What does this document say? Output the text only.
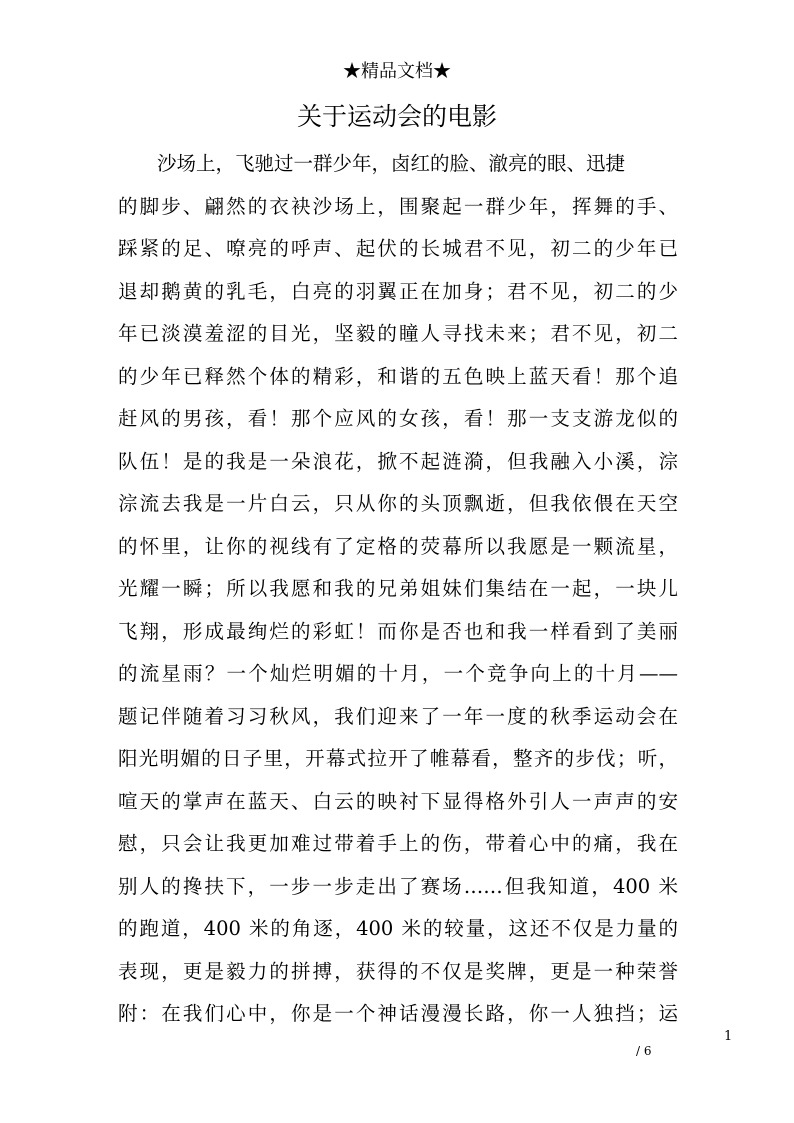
★精品文档★
关于运动会的电影
沙场上，飞驰过一群少年，卤红的脸、澈亮的眼、迅捷
的脚步、翩然的衣袂沙场上，围聚起一群少年，挥舞的手、
踩紧的足、嘹亮的呼声、起伏的长城君不见，初二的少年已
退却鹅黄的乳毛，白亮的羽翼正在加身；君不见，初二的少
年已淡漠羞涩的目光，坚毅的瞳人寻找未来；君不见，初二
的少年已释然个体的精彩，和谐的五色映上蓝天看！那个追
赶风的男孩，看！那个应风的女孩，看！那一支支游龙似的
队伍！是的我是一朵浪花，掀不起涟漪，但我融入小溪，淙
淙流去我是一片白云，只从你的头顶飘逝，但我依偎在天空
的怀里，让你的视线有了定格的荧幕所以我愿是一颗流星，
光耀一瞬；所以我愿和我的兄弟姐妹们集结在一起，一块儿
飞翔，形成最绚烂的彩虹！而你是否也和我一样看到了美丽
的流星雨？一个灿烂明媚的十月，一个竞争向上的十月——
题记伴随着习习秋风，我们迎来了一年一度的秋季运动会在
阳光明媚的日子里，开幕式拉开了帷幕看，整齐的步伐；听，
喧天的掌声在蓝天、白云的映衬下显得格外引人一声声的安
慰，只会让我更加难过带着手上的伤，带着心中的痛，我在
别人的搀扶下，一步一步走出了赛场……但我知道，400 米
的跑道，400 米的角逐，400 米的较量，这还不仅是力量的
表现，更是毅力的拼搏，获得的不仅是奖牌，更是一种荣誉
附：在我们心中，你是一个神话漫漫长路，你一人独挡；运
1
/ 6
